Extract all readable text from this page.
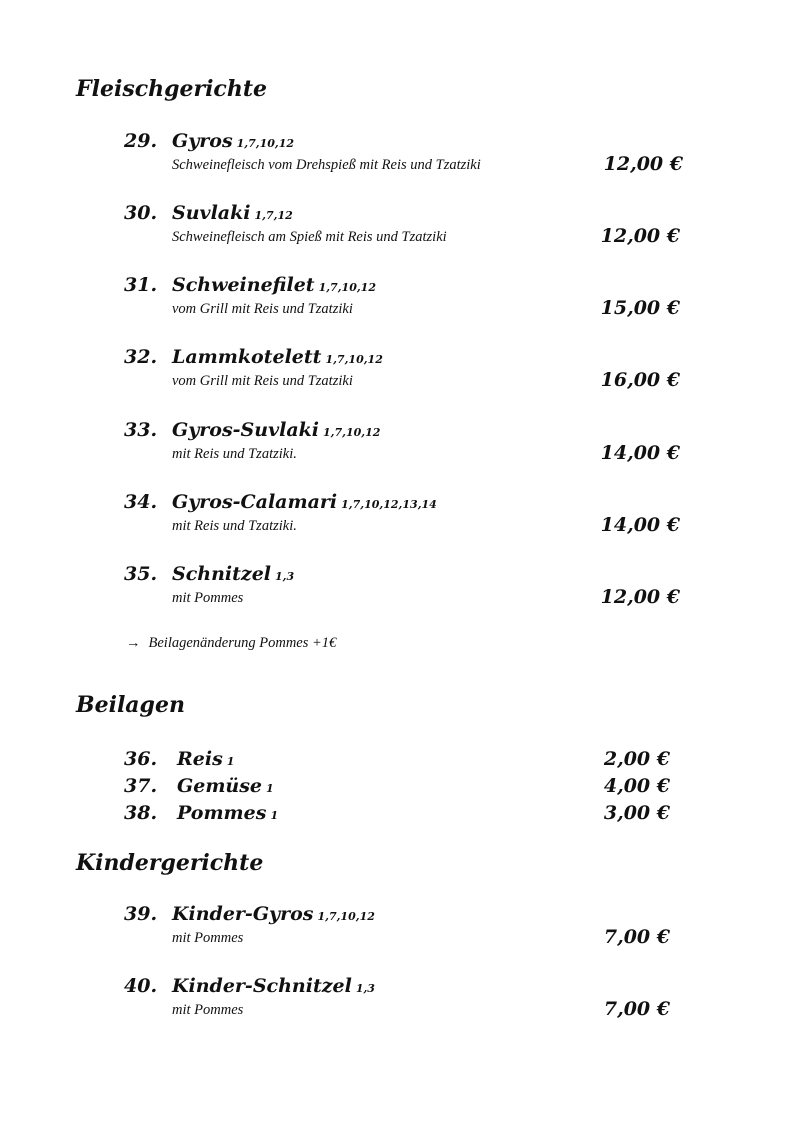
Fleischgerichte
29. Gyros 1,7,10,12
Schweinefleisch vom Drehspieß mit Reis und Tzatziki	12,00 €
30. Suvlaki 1,7,12
Schweinefleisch am Spieß mit Reis und Tzatziki	12,00 €
31. Schweinefilet 1,7,10,12
vom Grill mit Reis und Tzatziki	15,00 €
32. Lammkotelett 1,7,10,12
vom Grill mit Reis und Tzatziki	16,00 €
33. Gyros-Suvlaki 1,7,10,12
mit Reis und Tzatziki.	14,00 €
34. Gyros-Calamari 1,7,10,12,13,14
mit Reis und Tzatziki.	14,00 €
35. Schnitzel 1,3
mit Pommes	12,00 €
→ Beilagenänderung Pommes +1€
Beilagen
36. Reis 1	2,00 €
37. Gemüse 1	4,00 €
38. Pommes 1	3,00 €
Kindergerichte
39. Kinder-Gyros 1,7,10,12
mit Pommes	7,00 €
40. Kinder-Schnitzel 1,3
mit Pommes	7,00 €
